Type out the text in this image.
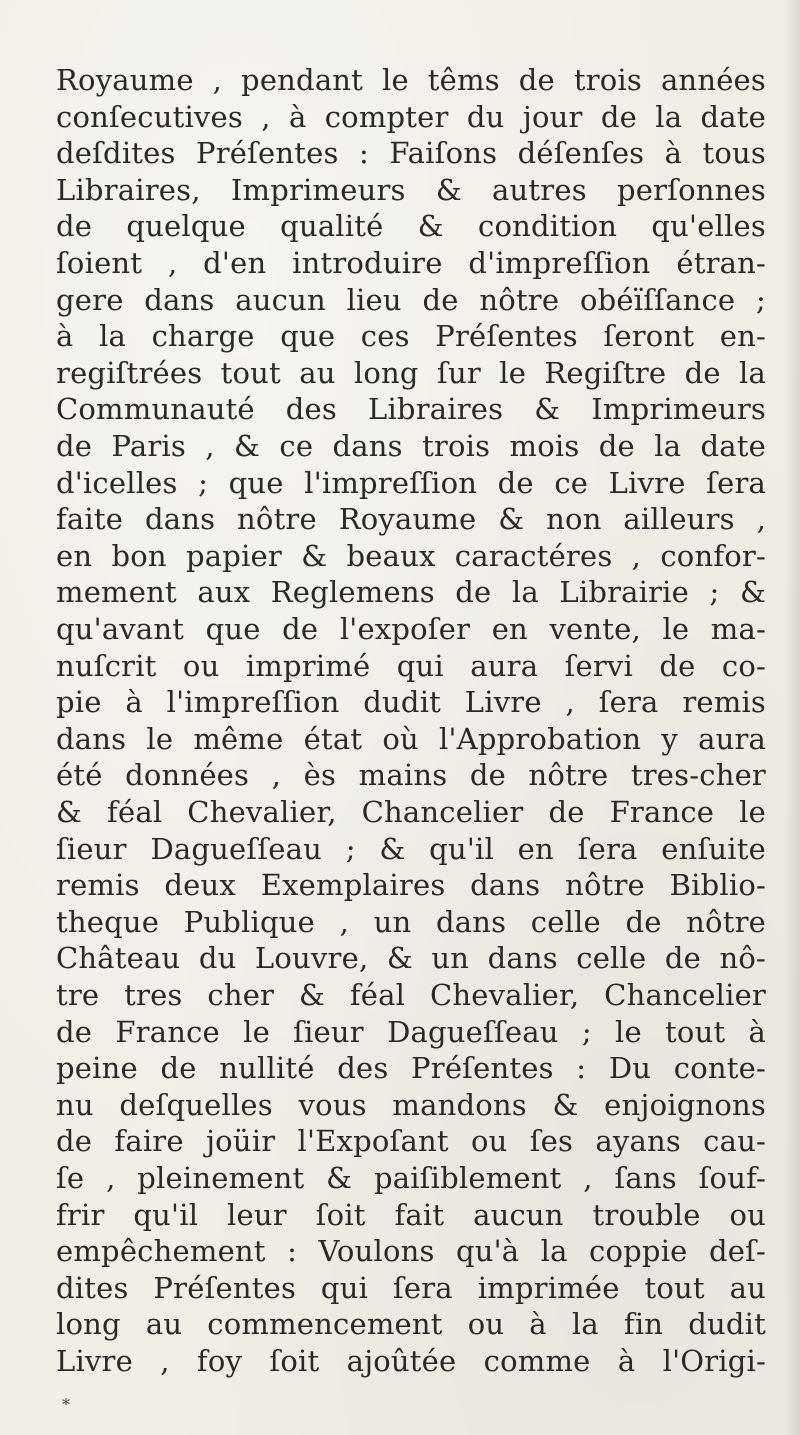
Royaume , pendant le têms de trois années
conſecutives , à compter du jour de la date
deſdites Préſentes : Faiſons déſenſes à tous
Libraires, Imprimeurs & autres perſonnes
de quelque qualité & condition qu'elles
ſoient , d'en introduire d'impreſſion étran-
gere dans aucun lieu de nôtre obéïſſance ;
à la charge que ces Préſentes ſeront en-
regiſtrées tout au long ſur le Regiſtre de la
Communauté des Libraires & Imprimeurs
de Paris , & ce dans trois mois de la date
d'icelles ; que l'impreſſion de ce Livre ſera
faite dans nôtre Royaume & non ailleurs ,
en bon papier & beaux caractéres , confor-
mement aux Reglemens de la Librairie ; &
qu'avant que de l'expoſer en vente, le ma-
nuſcrit ou imprimé qui aura ſervi de co-
pie à l'impreſſion dudit Livre , ſera remis
dans le même état où l'Approbation y aura
été données , ès mains de nôtre tres-cher
& féal Chevalier, Chancelier de France le
ſieur Dagueſſeau ; & qu'il en ſera enſuite
remis deux Exemplaires dans nôtre Biblio-
theque Publique , un dans celle de nôtre
Château du Louvre, & un dans celle de nô-
tre tres cher & féal Chevalier, Chancelier
de France le ſieur Dagueſſeau ; le tout à
peine de nullité des Préſentes : Du conte-
nu deſquelles vous mandons & enjoignons
de faire joüir l'Expoſant ou ſes ayans cau-
ſe , pleinement & paiſiblement , ſans ſouf-
frir qu'il leur ſoit fait aucun trouble ou
empêchement : Voulons qu'à la coppie deſ-
dites Préſentes qui ſera imprimée tout au
long au commencement ou à la fin dudit
Livre , foy ſoit ajoûtée comme à l'Origi-
*
